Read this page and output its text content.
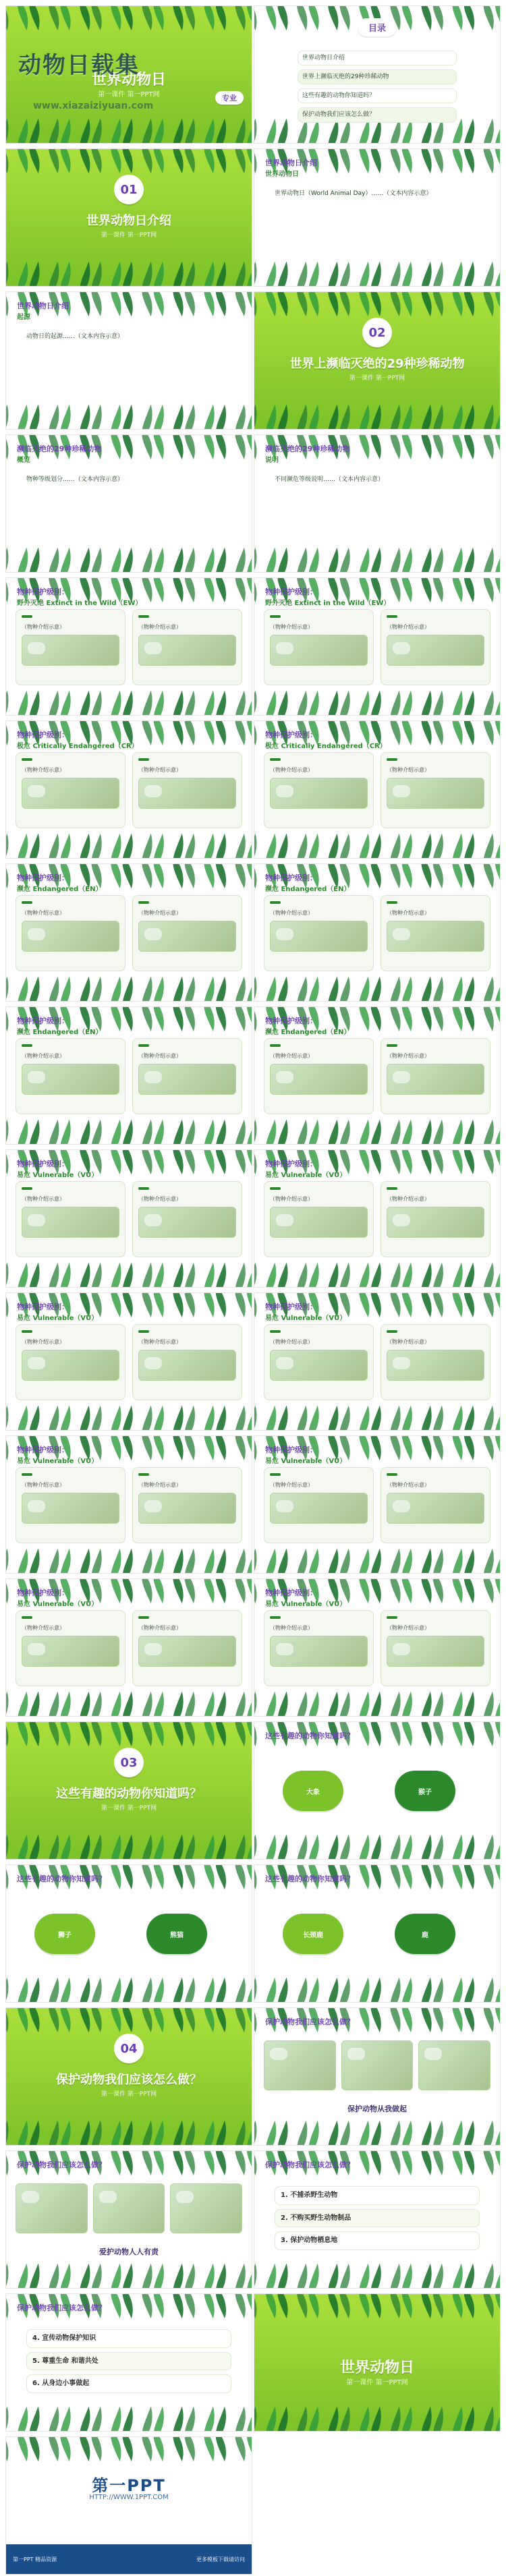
世界动物日
第一课件 第一PPT网
动物日载集
www.xiazaiziyuan.com
专业
目录
世界动物日介绍
世界上濒临灭绝的29种珍稀动物
这些有趣的动物你知道吗？
保护动物我们应该怎么做？
01
世界动物日介绍
第一课件 第一PPT网
世界动物日介绍
世界动物日
世界动物日（World Animal Day）……（文本内容示意）
世界动物日介绍
起源
动物日的起源……（文本内容示意）	02
世界上濒临灭绝的29种珍稀动物
第一课件 第一PPT网
濒临灭绝的29种珍稀动物
概览
物种等级划分……（文本内容示意）
濒临灭绝的29种珍稀动物
说明
不同濒危等级说明……（文本内容示意）
物种保护级别：
野外灭绝 Extinct in the Wild（EW）
（物种介绍示意）	（物种介绍示意）
物种保护级别：
野外灭绝 Extinct in the Wild（EW）
（物种介绍示意）	（物种介绍示意）
物种保护级别：
极危 Critically Endangered（CR）
（物种介绍示意）	（物种介绍示意）
物种保护级别：
极危 Critically Endangered（CR）
（物种介绍示意）	（物种介绍示意）
物种保护级别：
濒危 Endangered（EN）
（物种介绍示意）	（物种介绍示意）
物种保护级别：
濒危 Endangered（EN）
（物种介绍示意）	（物种介绍示意）
物种保护级别：
濒危 Endangered（EN）
（物种介绍示意）	（物种介绍示意）
物种保护级别：
濒危 Endangered（EN）
（物种介绍示意）	（物种介绍示意）
物种保护级别：
易危 Vulnerable（VU）
（物种介绍示意）	（物种介绍示意）
物种保护级别：
易危 Vulnerable（VU）
（物种介绍示意）	（物种介绍示意）
物种保护级别：
易危 Vulnerable（VU）
（物种介绍示意）	（物种介绍示意）
物种保护级别：
易危 Vulnerable（VU）
（物种介绍示意）	（物种介绍示意）
物种保护级别：
易危 Vulnerable（VU）
（物种介绍示意）	（物种介绍示意）
物种保护级别：
易危 Vulnerable（VU）
（物种介绍示意）	（物种介绍示意）
物种保护级别：
易危 Vulnerable（VU）
（物种介绍示意）	（物种介绍示意）
物种保护级别：
易危 Vulnerable（VU）
（物种介绍示意）	（物种介绍示意）
03
这些有趣的动物你知道吗？
第一课件 第一PPT网
这些有趣的动物你知道吗？
大象	猴子
这些有趣的动物你知道吗？
狮子	熊猫
这些有趣的动物你知道吗？
长颈鹿	鹿
04
保护动物我们应该怎么做？
第一课件 第一PPT网
保护动物我们应该怎么做？
保护动物从我做起
保护动物我们应该怎么做？
爱护动物人人有责
保护动物我们应该怎么做？
1. 不捕杀野生动物
2. 不购买野生动物制品
3. 保护动物栖息地
保护动物我们应该怎么做？
4. 宣传动物保护知识
5. 尊重生命 和谐共处
6. 从身边小事做起
世界动物日
第一课件 第一PPT网
第一PPT
HTTP://WWW.1PPT.COM
第一PPT 精品资源	更多模板下载请访问
